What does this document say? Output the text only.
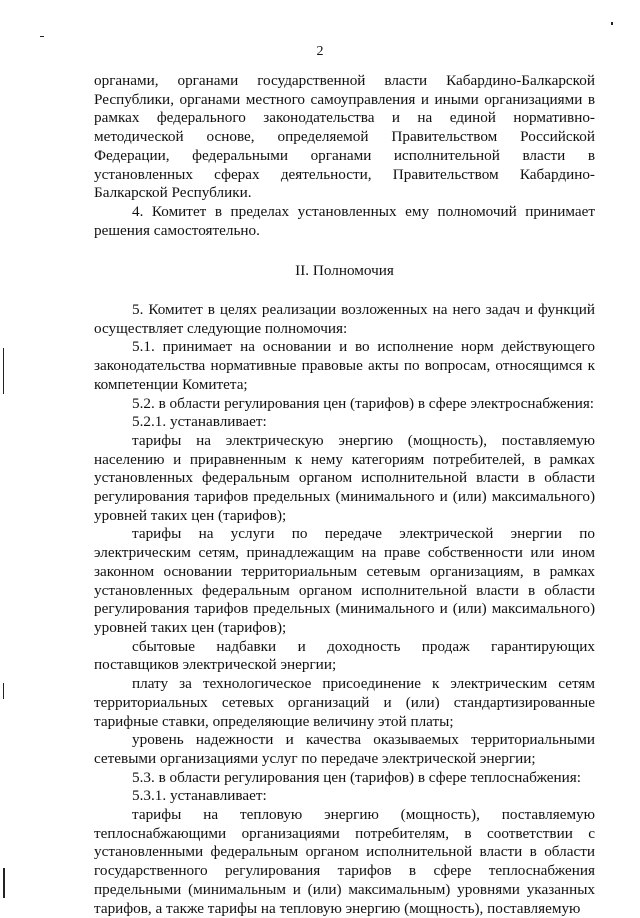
2

органами, органами государственной власти Кабардино-Балкарской Республики, органами местного самоуправления и иными организациями в рамках федерального законодательства и на единой нормативно-методической основе, определяемой Правительством Российской Федерации, федеральными органами исполнительной власти в установленных сферах деятельности, Правительством Кабардино-Балкарской Республики.

4. Комитет в пределах установленных ему полномочий принимает решения самостоятельно.

II. Полномочия

5. Комитет в целях реализации возложенных на него задач и функций осуществляет следующие полномочия:

5.1. принимает на основании и во исполнение норм действующего законодательства нормативные правовые акты по вопросам, относящимся к компетенции Комитета;

5.2. в области регулирования цен (тарифов) в сфере электроснабжения:

5.2.1. устанавливает:

тарифы на электрическую энергию (мощность), поставляемую населению и приравненным к нему категориям потребителей, в рамках установленных федеральным органом исполнительной власти в области регулирования тарифов предельных (минимального и (или) максимального) уровней таких цен (тарифов);

тарифы на услуги по передаче электрической энергии по электрическим сетям, принадлежащим на праве собственности или ином законном основании территориальным сетевым организациям, в рамках установленных федеральным органом исполнительной власти в области регулирования тарифов предельных (минимального и (или) максимального) уровней таких цен (тарифов);

сбытовые надбавки и доходность продаж гарантирующих поставщиков электрической энергии;

плату за технологическое присоединение к электрическим сетям территориальных сетевых организаций и (или) стандартизированные тарифные ставки, определяющие величину этой платы;

уровень надежности и качества оказываемых территориальными сетевыми организациями услуг по передаче электрической энергии;

5.3. в области регулирования цен (тарифов) в сфере теплоснабжения:

5.3.1. устанавливает:

тарифы на тепловую энергию (мощность), поставляемую теплоснабжающими организациями потребителям, в соответствии с установленными федеральным органом исполнительной власти в области государственного регулирования тарифов в сфере теплоснабжения предельными (минимальным и (или) максимальным) уровнями указанных тарифов, а также тарифы на тепловую энергию (мощность), поставляемую
